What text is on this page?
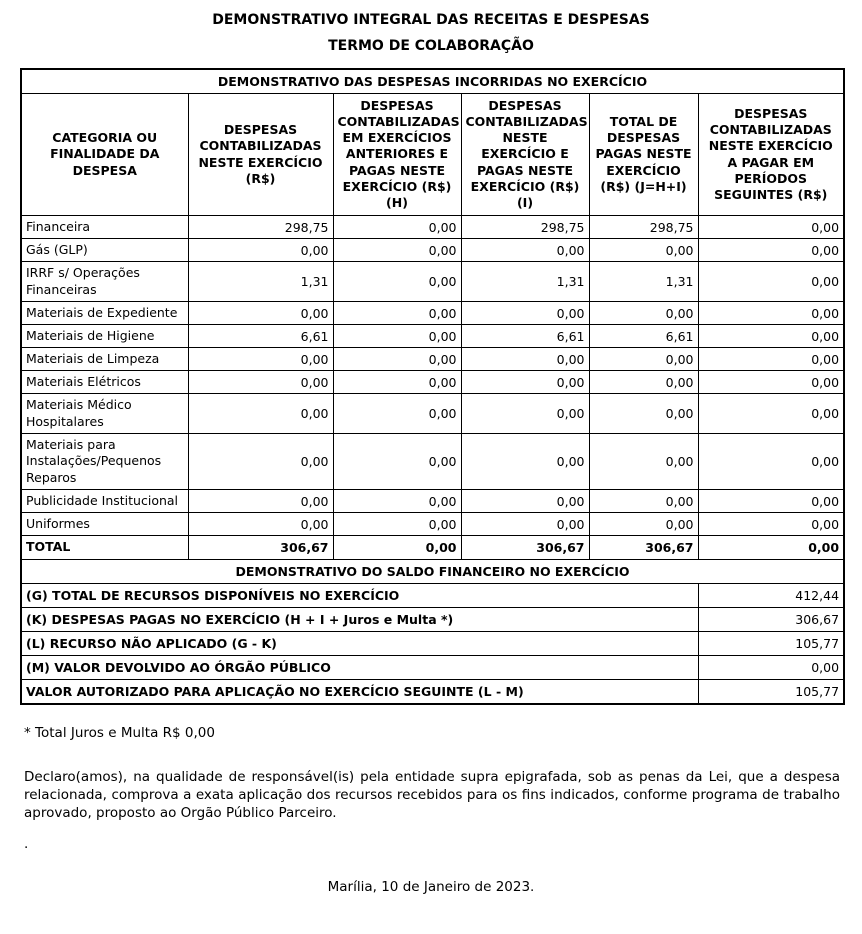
DEMONSTRATIVO INTEGRAL DAS RECEITAS E DESPESAS
TERMO DE COLABORAÇÃO
DEMONSTRATIVO DAS DESPESAS INCORRIDAS NO EXERCÍCIO					
CATEGORIA OU FINALIDADE DA DESPESA	DESPESAS CONTABILIZADAS NESTE EXERCÍCIO (R$)	DESPESAS CONTABILIZADAS EM EXERCÍCIOS ANTERIORES E PAGAS NESTE EXERCÍCIO (R$) (H)	DESPESAS CONTABILIZADAS NESTE EXERCÍCIO E PAGAS NESTE EXERCÍCIO (R$) (I)	TOTAL DE DESPESAS PAGAS NESTE EXERCÍCIO (R$) (J=H+I)	DESPESAS CONTABILIZADAS NESTE EXERCÍCIO A PAGAR EM PERÍODOS SEGUINTES (R$)
Financeira	298,75	0,00	298,75	298,75	0,00
Gás (GLP)	0,00	0,00	0,00	0,00	0,00
IRRF s/ Operações Financeiras	1,31	0,00	1,31	1,31	0,00
Materiais de Expediente	0,00	0,00	0,00	0,00	0,00
Materiais de Higiene	6,61	0,00	6,61	6,61	0,00
Materiais de Limpeza	0,00	0,00	0,00	0,00	0,00
Materiais Elétricos	0,00	0,00	0,00	0,00	0,00
Materiais Médico Hospitalares	0,00	0,00	0,00	0,00	0,00
Materiais para Instalações/Pequenos Reparos	0,00	0,00	0,00	0,00	0,00
Publicidade Institucional	0,00	0,00	0,00	0,00	0,00
Uniformes	0,00	0,00	0,00	0,00	0,00
TOTAL	306,67	0,00	306,67	306,67	0,00
DEMONSTRATIVO DO SALDO FINANCEIRO NO EXERCÍCIO					
(G) TOTAL DE RECURSOS DISPONÍVEIS NO EXERCÍCIO					412,44
(K) DESPESAS PAGAS NO EXERCÍCIO (H + I + Juros e Multa *)					306,67
(L) RECURSO NÃO APLICADO (G - K)					105,77
(M) VALOR DEVOLVIDO AO ÓRGÃO PÚBLICO					0,00
VALOR AUTORIZADO PARA APLICAÇÃO NO EXERCÍCIO SEGUINTE (L - M)					105,77
* Total Juros e Multa R$ 0,00
Declaro(amos), na qualidade de responsável(is) pela entidade supra epigrafada, sob as penas da Lei, que a despesa relacionada, comprova a exata aplicação dos recursos recebidos para os fins indicados, conforme programa de trabalho aprovado, proposto ao Orgão Público Parceiro.
.
Marília, 10 de Janeiro de 2023.
